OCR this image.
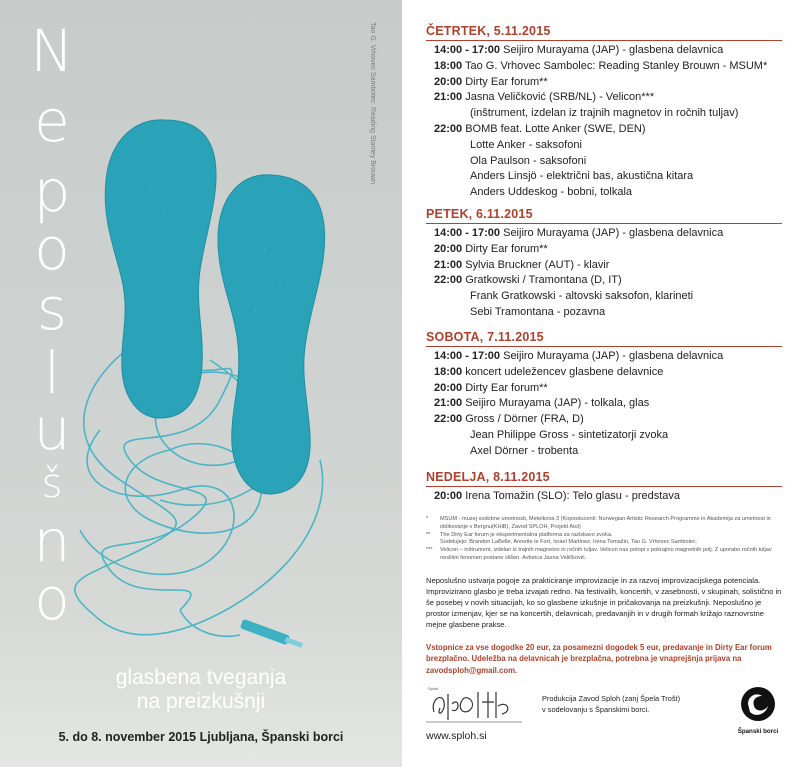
N
e
p
o
s
l
u
š
n
o
Tao G. Vrhovec Sambolec: Reading Stanley Brouwn
glasbena tveganja
na preizkušnji
5. do 8. november 2015 Ljubljana, Španski borci
ČETRTEK, 5.11.2015
14:00 - 17:00 Seijiro Murayama (JAP) - glasbena delavnica
18:00 Tao G. Vrhovec Sambolec: Reading Stanley Brouwn - MSUM*
20:00 Dirty Ear forum**
21:00 Jasna Veličković (SRB/NL) - Velicon***
(inštrument, izdelan iz trajnih magnetov in ročnih tuljav)
22:00 BOMB feat. Lotte Anker (SWE, DEN)
Lotte Anker - saksofoni
Ola Paulson - saksofoni
Anders Linsjö - električni bas, akustična kitara
Anders Uddeskog - bobni, tolkala
PETEK, 6.11.2015
14:00 - 17:00 Seijiro Murayama (JAP) - glasbena delavnica
20:00 Dirty Ear forum**
21:00 Sylvia Bruckner (AUT) - klavir
22:00 Gratkowski / Tramontana (D, IT)
Frank Gratkowski - altovski saksofon, klarineti
Sebi Tramontana - pozavna
SOBOTA, 7.11.2015
14:00 - 17:00 Seijiro Murayama (JAP) - glasbena delavnica
18:00 koncert udeležencev glasbene delavnice
20:00 Dirty Ear forum**
21:00 Seijiro Murayama (JAP) - tolkala, glas
22:00 Gross / Dörner (FRA, D)
Jean Philippe Gross - sintetizatorji zvoka
Axel Dörner - trobenta
NEDELJA, 8.11.2015
20:00 Irena Tomažin (SLO): Telo glasu - predstava
* MSUM - muzej sodobne umetnosti, Metelkova 3 (Koproducenti: Norwegian Artistic Research Programme in Akademija za umetnost in oblikovanje v Bergnu(KHiB), Zavod SPLOH, Projekt Atol)
** The Dirty Ear forum je eksperimentalna platforma za raziskavo zvoka.
Sodelujejo: Brandon LaBelle, Annette le Fort, Israel Martinez, Irena Tomažin, Tao G. Vrhovec Sambolec.
*** Velicon – inštrument, izdelan iz trajnih magnetov in ročnih tuljav. Velicon nas potopi v pokrajino magnetnih polj. Z uporabo ročnih tuljav neslišni fenomen postane slišen. Avtorica Jasna Veličković.
Neposlušno ustvarja pogoje za prakticiranje improvizacije in za razvoj improvizacijskega potenciala. Improvizirano glasbo je treba izvajati redno. Na festivalih, koncertih, v zasebnosti, v skupinah, solistično in še posebej v novih situacijah, ko so glasbene izkušnje in pričakovanja na preizkušnji. Neposlušno je prostor izmenjav, kjer se na koncertih, delavnicah, predavanjih in v drugih formah križajo raznovrstne mejne glasbene prakse.
Vstopnice za vse dogodke 20 eur, za posamezni dogodek 5 eur, predavanje in Dirty Ear forum brezplačno. Udeležba na delavnicah je brezplačna, potrebna je vnaprejšnja prijava na zavodsploh@gmail.com.
Sploh
Produkcija Zavod Sploh (zanj Špela Trošt)
v sodelovanju s Španskimi borci.
www.sploh.si	Španski borci
